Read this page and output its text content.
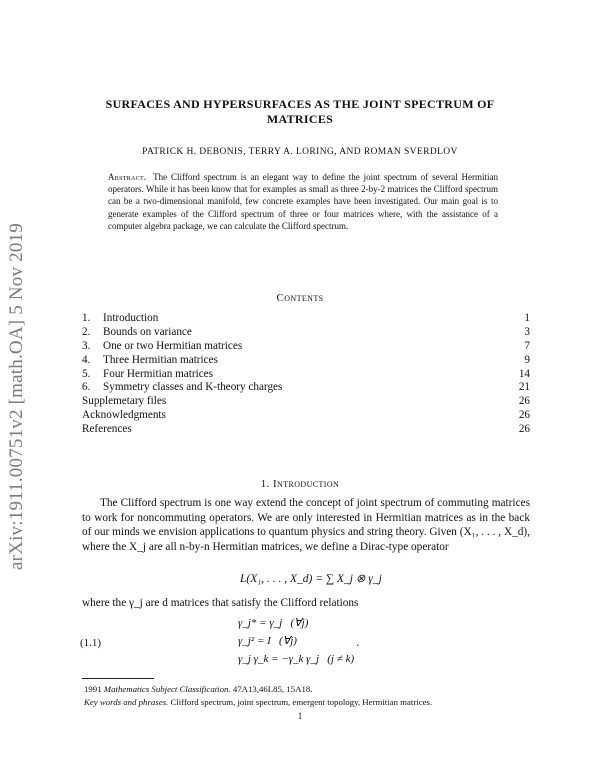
arXiv:1911.00751v2 [math.OA] 5 Nov 2019
SURFACES AND HYPERSURFACES AS THE JOINT SPECTRUM OF MATRICES
PATRICK H. DEBONIS, TERRY A. LORING, AND ROMAN SVERDLOV
Abstract. The Clifford spectrum is an elegant way to define the joint spectrum of several Hermitian operators. While it has been know that for examples as small as three 2-by-2 matrices the Clifford spectrum can be a two-dimensional manifold, few concrete examples have been investigated. Our main goal is to generate examples of the Clifford spectrum of three or four matrices where, with the assistance of a computer algebra package, we can calculate the Clifford spectrum.
Contents
1. Introduction	1
2. Bounds on variance	3
3. One or two Hermitian matrices	7
4. Three Hermitian matrices	9
5. Four Hermitian matrices	14
6. Symmetry classes and K-theory charges	21
Supplemetary files	26
Acknowledgments	26
References	26
1. Introduction
The Clifford spectrum is one way extend the concept of joint spectrum of commuting matrices to work for noncommuting operators. We are only interested in Hermitian matrices as in the back of our minds we envision applications to quantum physics and string theory. Given (X₁, . . . , X_d), where the X_j are all n-by-n Hermitian matrices, we define a Dirac-type operator
L(X₁, . . . , X_d) = ∑ X_j ⊗ γ_j
where the γ_j are d matrices that satisfy the Clifford relations
(1.1)
γ_j* = γ_j   (∀j)
γ_j² = I   (∀j)
γ_j γ_k = −γ_k γ_j   (j ≠ k)
.
1991 Mathematics Subject Classification. 47A13,46L85, 15A18.
Key words and phrases. Clifford spectrum, joint spectrum, emergent topology, Hermitian matrices.
1
